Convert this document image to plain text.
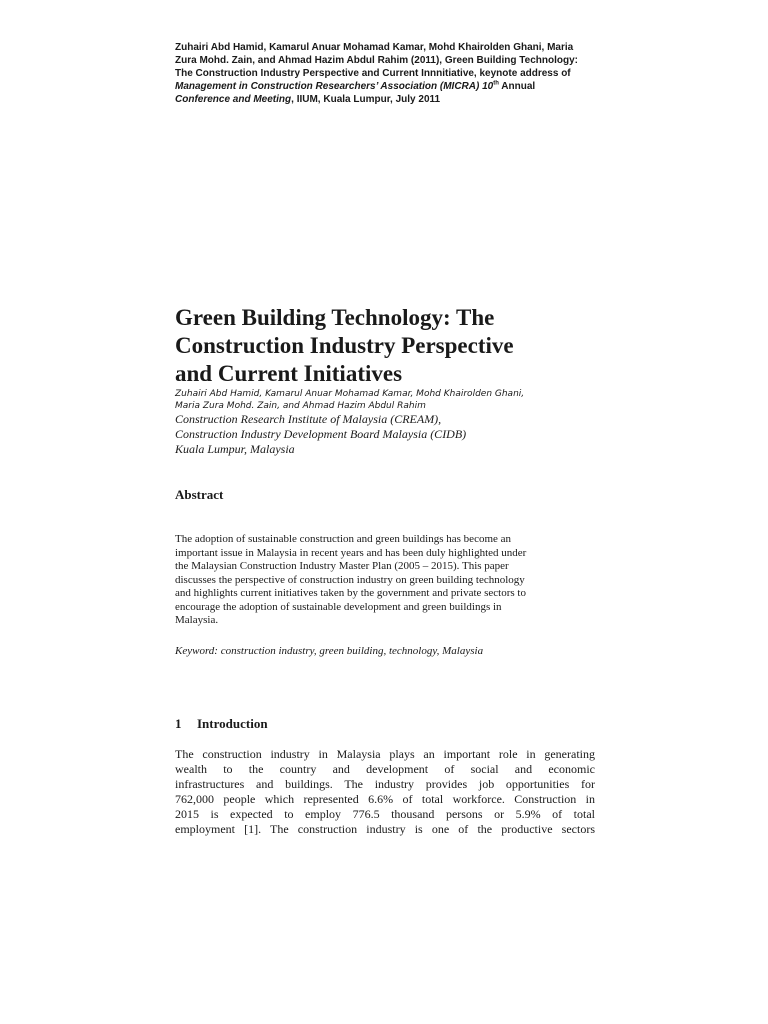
Zuhairi Abd Hamid, Kamarul Anuar Mohamad Kamar, Mohd Khairolden Ghani, Maria
Zura Mohd. Zain, and Ahmad Hazim Abdul Rahim (2011), Green Building Technology:
The Construction Industry Perspective and Current Innnitiative, keynote address of
Management in Construction Researchers’ Association (MICRA) 10th Annual
Conference and Meeting, IIUM, Kuala Lumpur, July 2011
Green Building Technology: The
Construction Industry Perspective
and Current Initiatives
Zuhairi Abd Hamid, Kamarul Anuar Mohamad Kamar, Mohd Khairolden Ghani,
Maria Zura Mohd. Zain, and Ahmad Hazim Abdul Rahim
Construction Research Institute of Malaysia (CREAM),
Construction Industry Development Board Malaysia (CIDB)
Kuala Lumpur, Malaysia
Abstract
The adoption of sustainable construction and green buildings has become an
important issue in Malaysia in recent years and has been duly highlighted under
the Malaysian Construction Industry Master Plan (2005 – 2015). This paper
discusses the perspective of construction industry on green building technology
and highlights current initiatives taken by the government and private sectors to
encourage the adoption of sustainable development and green buildings in
Malaysia.

Keyword: construction industry, green building, technology, Malaysia

1 Introduction
The construction industry in Malaysia plays an important role in generating
wealth to the country and development of social and economic
infrastructures and buildings. The industry provides job opportunities for
762,000 people which represented 6.6% of total workforce. Construction in
2015 is expected to employ 776.5 thousand persons or 5.9% of total
employment [1]. The construction industry is one of the productive sectors
